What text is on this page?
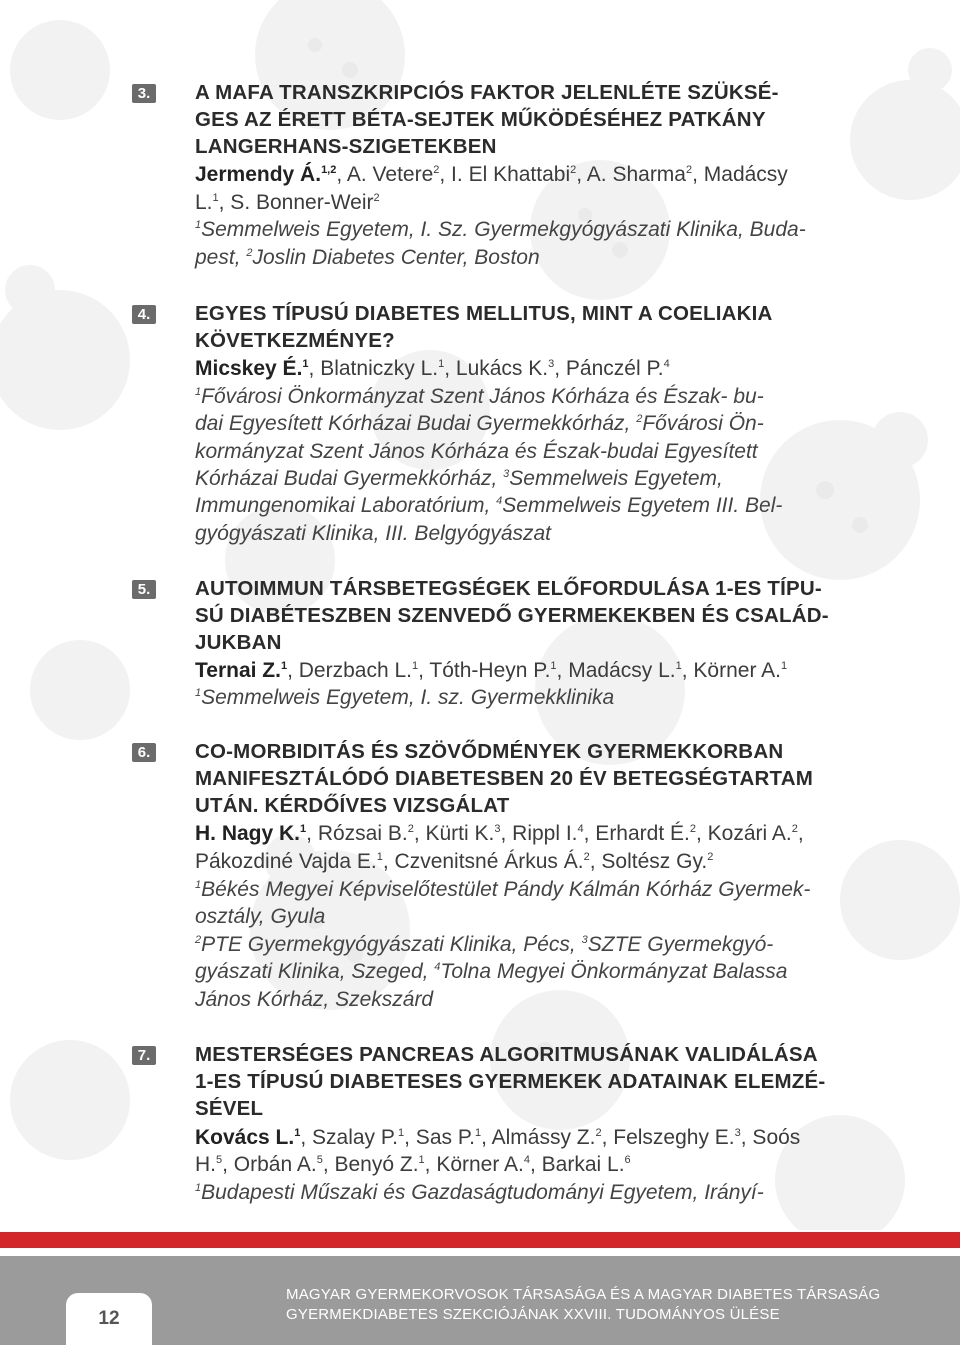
3. A MAFA TRANSZKRIPCIÓS FAKTOR JELENLÉTE SZÜKSÉ-
GES AZ ÉRETT BÉTA-SEJTEK MŰKÖDÉSÉHEZ PATKÁNY
LANGERHANS-SZIGETEKBEN
Jermendy Á.$^{1,2}$, A. Vetere$^2$, I. El Khattabi$^2$, A. Sharma$^2$, Madácsy
L.$^1$, S. Bonner-Weir$^2$
$^1$Semmelweis Egyetem, I. Sz. Gyermekgyógyászati Klinika, Buda-
pest, $^2$Joslin Diabetes Center, Boston
4. EGYES TÍPUSÚ DIABETES MELLITUS, MINT A COELIAKIA
KÖVETKEZMÉNYE?
Micskey É.$^1$, Blatniczky L.$^1$, Lukács K.$^3$, Pánczél P.$^4$
$^1$Fővárosi Önkormányzat Szent János Kórháza és Észak- bu-
dai Egyesített Kórházai Budai Gyermekkórház, $^2$Fővárosi Ön-
kormányzat Szent János Kórháza és Észak-budai Egyesített
Kórházai Budai Gyermekkórház, $^3$Semmelweis Egyetem,
Immungenomikai Laboratórium, $^4$Semmelweis Egyetem III. Bel-
gyógyászati Klinika, III. Belgyógyászat
5. AUTOIMMUN TÁRSBETEGSÉGEK ELŐFORDULÁSA 1-ES TÍPU-
SÚ DIABÉTESZBEN SZENVEDŐ GYERMEKEKBEN ÉS CSALÁD-
JUKBAN
Ternai Z.$^1$, Derzbach L.$^1$, Tóth-Heyn P.$^1$, Madácsy L.$^1$, Körner A.$^1$
$^1$Semmelweis Egyetem, I. sz. Gyermekklinika
6. CO-MORBIDITÁS ÉS SZÖVŐDMÉNYEK GYERMEKKORBAN
MANIFESZTÁLÓDÓ DIABETESBEN 20 ÉV BETEGSÉGTARTAM
UTÁN. KÉRDŐÍVES VIZSGÁLAT
H. Nagy K.$^1$, Rózsai B.$^2$, Kürti K.$^3$, Rippl I.$^4$, Erhardt É.$^2$, Kozári A.$^2$,
Pákozdiné Vajda E.$^1$, Czvenitsné Árkus Á.$^2$, Soltész Gy.$^2$
$^1$Békés Megyei Képviselőtestület Pándy Kálmán Kórház Gyermek-
osztály, Gyula
$^2$PTE Gyermekgyógyászati Klinika, Pécs, $^3$SZTE Gyermekgyó-
gyászati Klinika, Szeged, $^4$Tolna Megyei Önkormányzat Balassa
János Kórház, Szekszárd
7. MESTERSÉGES PANCREAS ALGORITMUSÁNAK VALIDÁLÁSA
1-ES TÍPUSÚ DIABETESES GYERMEKEK ADATAINAK ELEMZÉ-
SÉVEL
Kovács L.$^1$, Szalay P.$^1$, Sas P.$^1$, Almássy Z.$^2$, Felszeghy E.$^3$, Soós
H.$^5$, Orbán A.$^5$, Benyó Z.$^1$, Körner A.$^4$, Barkai L.$^6$
$^1$Budapesti Műszaki és Gazdaságtudományi Egyetem, Irányí-
12
MAGYAR GYERMEKORVOSOK TÁRSASÁGA ÉS A MAGYAR DIABETES TÁRSASÁG
GYERMEKDIABETES SZEKCIÓJÁNAK XXVIII. TUDOMÁNYOS ÜLÉSE
